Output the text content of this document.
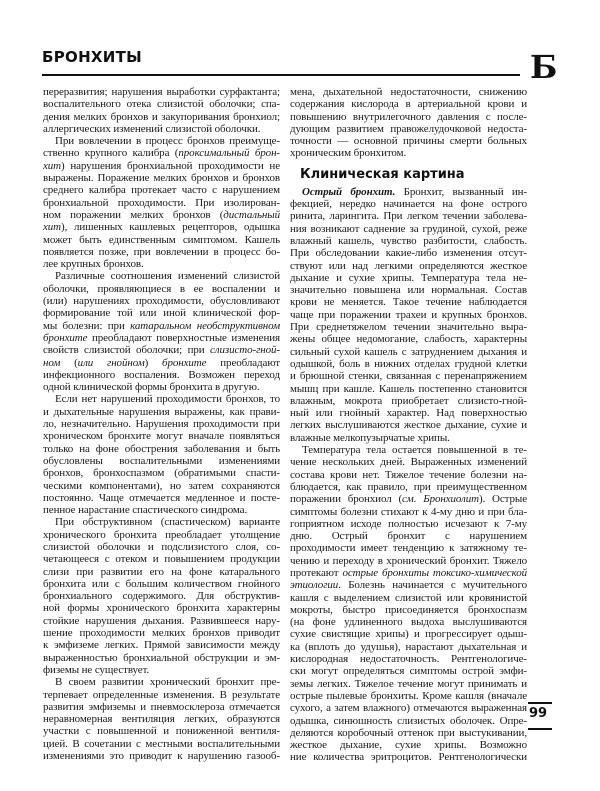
БРОНХИТЫ	Б
переразвития; нарушения выработки сурфактанта;
воспалительного отека слизистой оболочки; спа-
дения мелких бронхов и закупоривания бронхиол;
аллергических изменений слизистой оболочки.
При вовлечении в процесс бронхов преимуще-
ственно крупного калибра (проксимальный брон-
хит) нарушения бронхиальной проходимости не
выражены. Поражение мелких бронхов и бронхов
среднего калибра протекает часто с нарушением
бронхиальной проходимости. При изолирован-
ном поражении мелких бронхов (дистальный
хит), лишенных кашлевых рецепторов, одышка
может быть единственным симптомом. Кашель
появляется позже, при вовлечении в процесс бо-
лее крупных бронхов.
Различные соотношения изменений слизистой
оболочки, проявляющиеся в ее воспалении и
(или) нарушениях проходимости, обусловливают
формирование той или иной клинической фор-
мы болезни: при катаральном необструктивном
бронхите преобладают поверхностные изменения
свойств слизистой оболочки; при слизисто-гной-
ном (или гнойном) бронхите преобладают
инфекционного воспаления. Возможен переход
одной клинической формы бронхита в другую.
Если нет нарушений проходимости бронхов, то
и дыхательные нарушения выражены, как прави-
ло, незначительно. Нарушения проходимости при
хроническом бронхите могут вначале появляться
только на фоне обострения заболевания и быть
обусловлены воспалительными изменениями
бронхов, бронхоспазмом (обратимыми спасти-
ческими компонентами), но затем сохраняются
постоянно. Чаще отмечается медленное и посте-
пенное нарастание спастического синдрома.
При обструктивном (спастическом) варианте
хронического бронхита преобладает утолщение
слизистой оболочки и подслизистого слоя, со-
четающееся с отеком и повышением продукции
слизи при развитии его на фоне катарального
бронхита или с большим количеством гнойного
бронхиального содержимого. Для обструктив-
ной формы хронического бронхита характерны
стойкие нарушения дыхания. Развившееся нару-
шение проходимости мелких бронхов приводит
к эмфиземе легких. Прямой зависимости между
выраженностью бронхиальной обструкции и эм-
физемы не существует.
В своем развитии хронический бронхит пре-
терпевает определенные изменения. В результате
развития эмфиземы и пневмосклероза отмечается
неравномерная вентиляция легких, образуются
участки с повышенной и пониженной вентиля-
цией. В сочетании с местными воспалительными
изменениями это приводит к нарушению газооб-
мена, дыхательной недостаточности, снижению
содержания кислорода в артериальной крови и
повышению внутрилегочного давления с после-
дующим развитием правожелудочковой недоста-
точности — основной причины смерти больных
хроническим бронхитом.
Клиническая картина
Острый бронхит. Бронхит, вызванный ин-
фекцией, нередко начинается на фоне острого
ринита, ларингита. При легком течении заболева-
ния возникают саднение за грудиной, сухой, реже
влажный кашель, чувство разбитости, слабость.
При обследовании какие-либо изменения отсут-
ствуют или над легкими определяются жесткое
дыхание и сухие хрипы. Температура тела не-
значительно повышена или нормальная. Состав
крови не меняется. Такое течение наблюдается
чаще при поражении трахеи и крупных бронхов.
При среднетяжелом течении значительно выра-
жены общее недомогание, слабость, характерны
сильный сухой кашель с затруднением дыхания и
одышкой, боль в нижних отделах грудной клетки
и брюшной стенки, связанная с перенапряжением
мышц при кашле. Кашель постепенно становится
влажным, мокрота приобретает слизисто-гной-
ный или гнойный характер. Над поверхностью
легких выслушиваются жесткое дыхание, сухие и
влажные мелкопузырчатые хрипы.
Температура тела остается повышенной в те-
чение нескольких дней. Выраженных изменений
состава крови нет. Тяжелое течение болезни на-
блюдается, как правило, при преимущественном
поражении бронхиол (см. Бронхиолит). Острые
симптомы болезни стихают к 4-му дню и при бла-
гоприятном исходе полностью исчезают к 7-му
дню. Острый бронхит с нарушением
проходимости имеет тенденцию к затяжному те-
чению и переходу в хронический бронхит. Тяжело
протекают острые бронхиты токсико-химической
этиологии. Болезнь начинается с мучительного
кашля с выделением слизистой или кровянистой
мокроты, быстро присоединяется бронхоспазм
(на фоне удлиненного выдоха выслушиваются
сухие свистящие хрипы) и прогрессирует одыш-
ка (вплоть до удушья), нарастают дыхательная и
кислородная недостаточность. Рентгенологиче-
ски могут определяться симптомы острой эмфи-
земы легких. Тяжелое течение могут принимать и
острые пылевые бронхиты. Кроме кашля (вначале
сухого, а затем влажного) отмечаются выраженная
одышка, синюшность слизистых оболочек. Опре-
деляются коробочный оттенок при выстукивании,
жесткое дыхание, сухие хрипы. Возможно
ние количества эритроцитов. Рентгенологически
99
